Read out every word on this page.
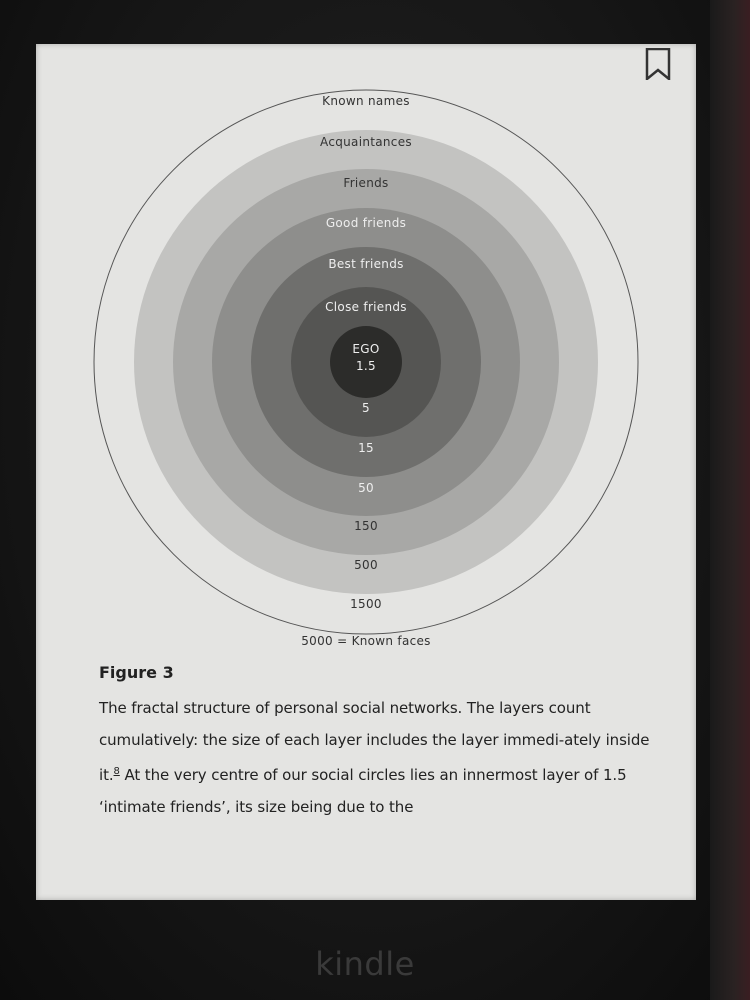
Known names
Acquaintances
Friends
Good friends
Best friends
Close friends
EGO
1.5
5
15
50
150
500
1500
5000 = Known faces

Figure 3

The fractal structure of personal social networks. The layers count cumulatively: the size of each layer includes the layer immedi-ately inside it.$^8$ At the very centre of our social circles lies an innermost layer of 1.5 ‘intimate friends’, its size being due to the

kindle
